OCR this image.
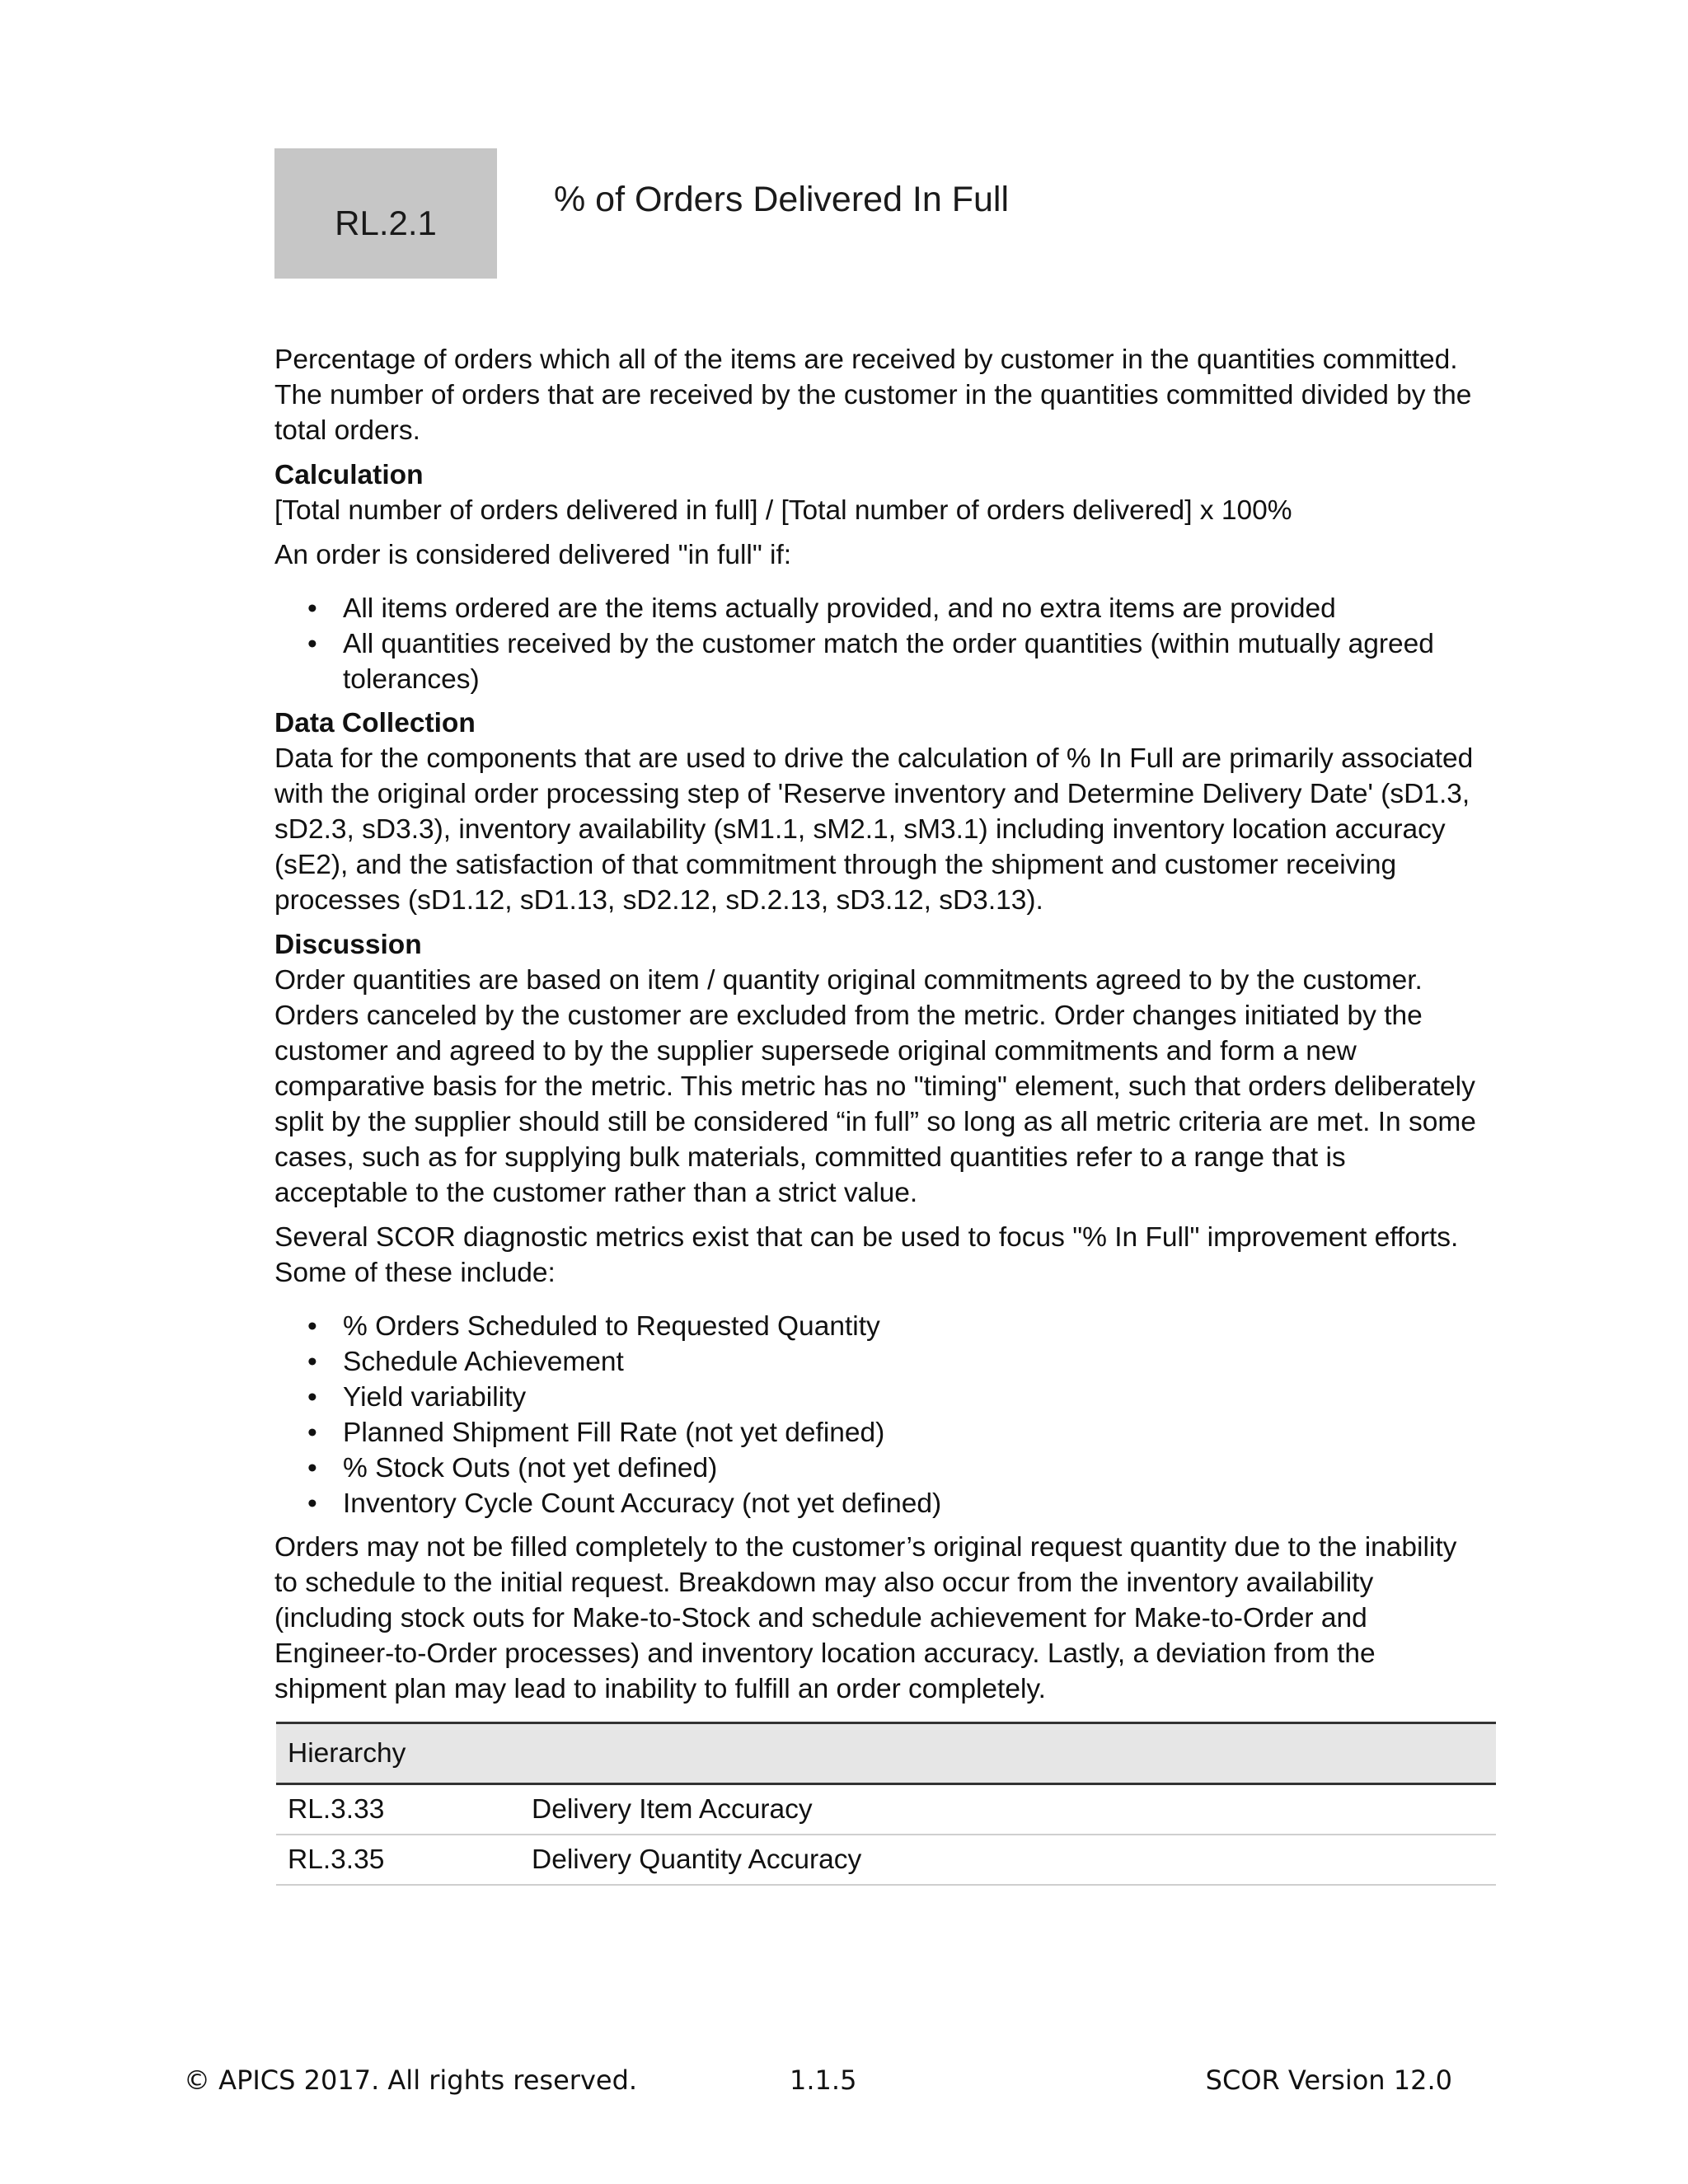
RL.2.1
% of Orders Delivered In Full

Percentage of orders which all of the items are received by customer in the quantities committed.

The number of orders that are received by the customer in the quantities committed divided by the total orders.

Calculation

[Total number of orders delivered in full] / [Total number of orders delivered] x 100%

An order is considered delivered "in full" if:

• All items ordered are the items actually provided, and no extra items are provided
• All quantities received by the customer match the order quantities (within mutually agreed tolerances)
Data Collection

Data for the components that are used to drive the calculation of % In Full are primarily associated with the original order processing step of 'Reserve inventory and Determine Delivery Date' (sD1.3, sD2.3, sD3.3), inventory availability (sM1.1, sM2.1, sM3.1) including inventory location accuracy (sE2), and the satisfaction of that commitment through the shipment and customer receiving processes (sD1.12, sD1.13, sD2.12, sD.2.13, sD3.12, sD3.13).

Discussion

Order quantities are based on item / quantity original commitments agreed to by the customer. Orders canceled by the customer are excluded from the metric. Order changes initiated by the customer and agreed to by the supplier supersede original commitments and form a new comparative basis for the metric. This metric has no "timing" element, such that orders deliberately split by the supplier should still be considered “in full” so long as all metric criteria are met. In some cases, such as for supplying bulk materials, committed quantities refer to a range that is acceptable to the customer rather than a strict value.

Several SCOR diagnostic metrics exist that can be used to focus "% In Full" improvement efforts. Some of these include:

• % Orders Scheduled to Requested Quantity
• Schedule Achievement
• Yield variability
• Planned Shipment Fill Rate (not yet defined)
• % Stock Outs (not yet defined)
• Inventory Cycle Count Accuracy (not yet defined)

Orders may not be filled completely to the customer’s original request quantity due to the inability to schedule to the initial request. Breakdown may also occur from the inventory availability (including stock outs for Make-to-Stock and schedule achievement for Make-to-Order and Engineer-to-Order processes) and inventory location accuracy. Lastly, a deviation from the shipment plan may lead to inability to fulfill an order completely.

Hierarchy	
RL.3.33	Delivery Item Accuracy
RL.3.35	Delivery Quantity Accuracy
© APICS 2017. All rights reserved.	1.1.5	SCOR Version 12.0
